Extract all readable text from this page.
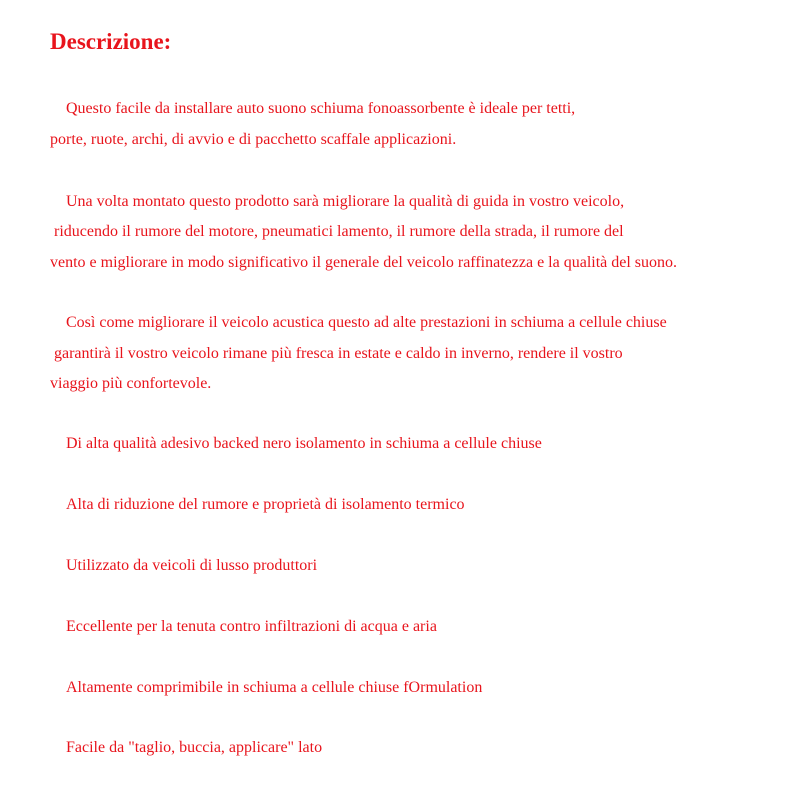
Descrizione:
Questo facile da installare auto suono schiuma fonoassorbente è ideale per tetti,
porte, ruote, archi, di avvio e di pacchetto scaffale applicazioni.
Una volta montato questo prodotto sarà migliorare la qualità di guida in vostro veicolo,
riducendo il rumore del motore, pneumatici lamento, il rumore della strada, il rumore del
vento e migliorare in modo significativo il generale del veicolo raffinatezza e la qualità del suono.
Così come migliorare il veicolo acustica questo ad alte prestazioni in schiuma a cellule chiuse
garantirà il vostro veicolo rimane più fresca in estate e caldo in inverno, rendere il vostro
viaggio più confortevole.
Di alta qualità adesivo backed nero isolamento in schiuma a cellule chiuse
Alta di riduzione del rumore e proprietà di isolamento termico
Utilizzato da veicoli di lusso produttori
Eccellente per la tenuta contro infiltrazioni di acqua e aria
Altamente comprimibile in schiuma a cellule chiuse fOrmulation
Facile da "taglio, buccia, applicare" lato
